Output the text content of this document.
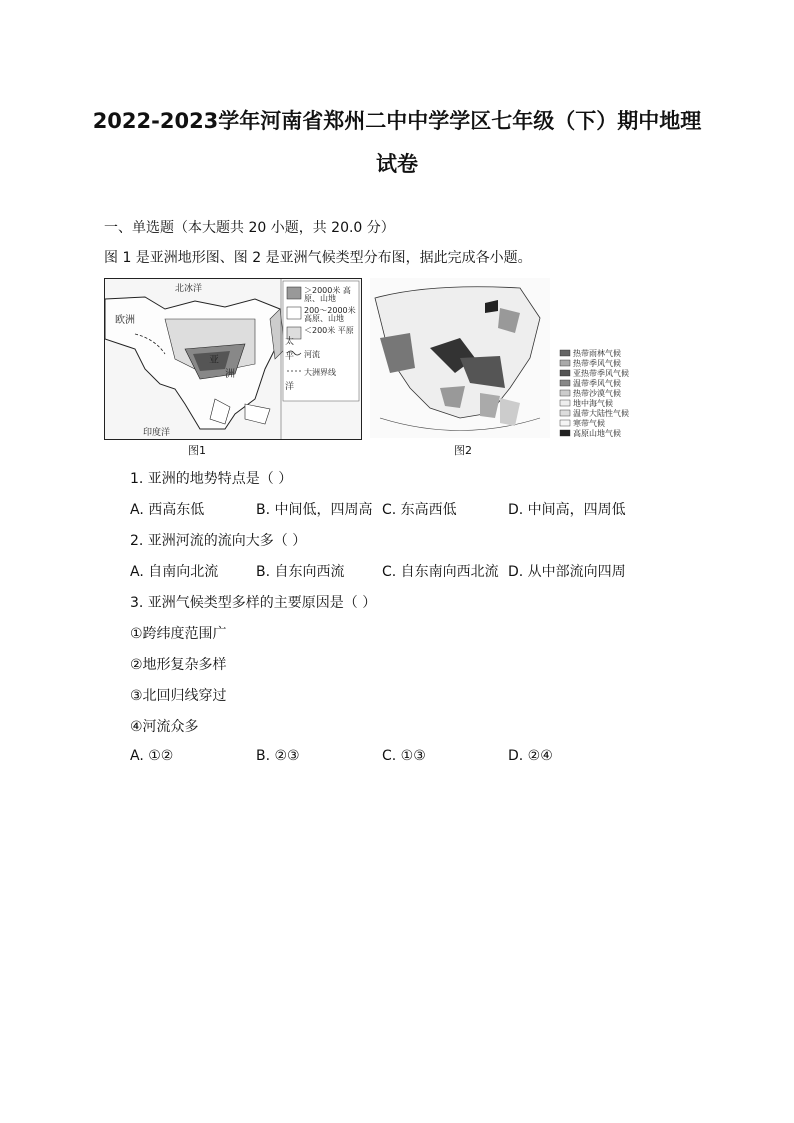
2022-2023学年河南省郑州二中中学学区七年级（下）期中地理
试卷
一、单选题（本大题共 20 小题，共 20.0 分）
图 1 是亚洲地形图、图 2 是亚洲气候类型分布图，据此完成各小题。
北冰洋
欧洲
亚
洲
太
平
洋
印度洋
＞2000米 高原、山地
200～2000米 高原、山地
＜200米 平原
河流
大洲界线
图1
热带雨林气候
热带季风气候
亚热带季风气候
温带季风气候
热带沙漠气候
地中海气候
温带大陆性气候
寒带气候
高原山地气候
图2
1. 亚洲的地势特点是（ ）
A. 西高东低	B. 中间低，四周高 C. 东高西低	D. 中间高，四周低
2. 亚洲河流的流向大多（ ）
A. 自南向北流	B. 自东向西流	C. 自东南向西北流 D. 从中部流向四周
3. 亚洲气候类型多样的主要原因是（ ）
①跨纬度范围广
②地形复杂多样
③北回归线穿过
④河流众多
A. ①②	B. ②③	C. ①③	D. ②④
